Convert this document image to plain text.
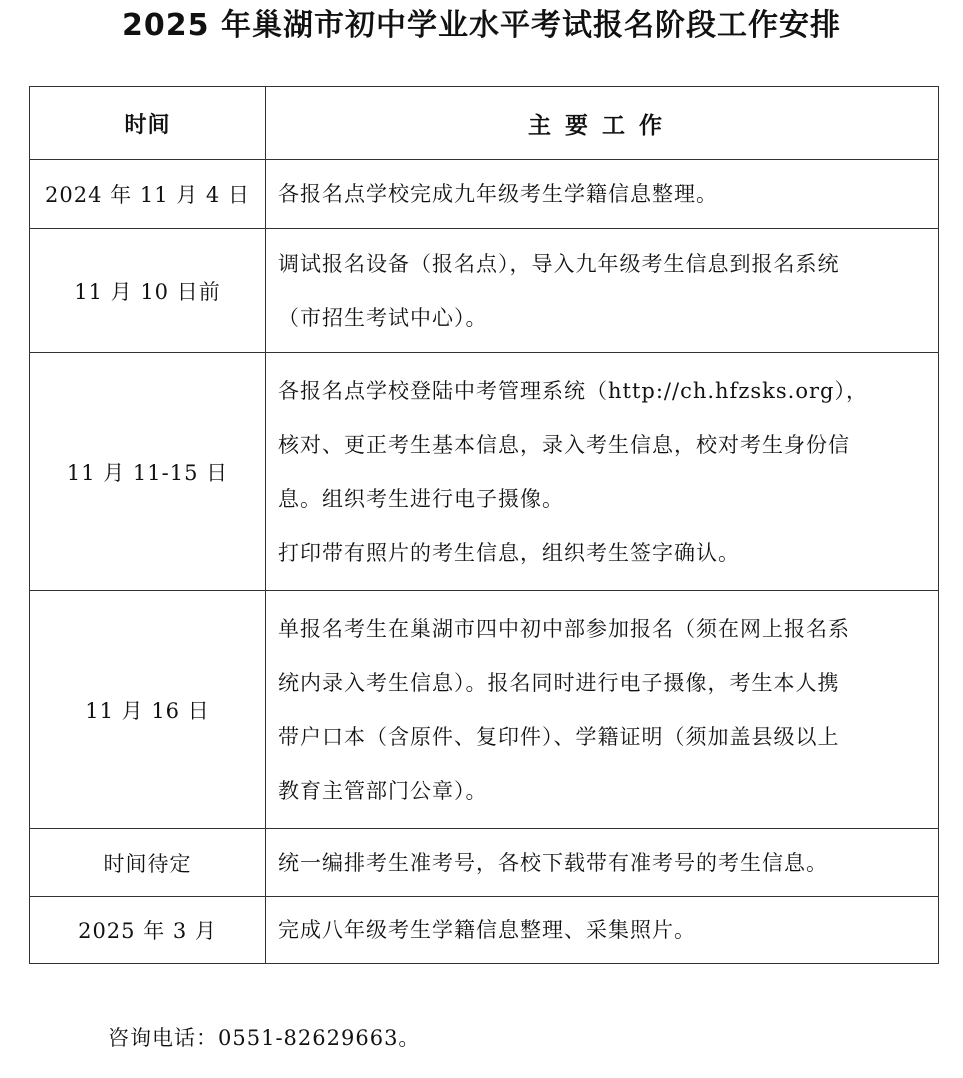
2025 年巢湖市初中学业水平考试报名阶段工作安排
时间	主要工作
2024 年 11 月 4 日	各报名点学校完成九年级考生学籍信息整理。

11 月 10 日前	调试报名设备（报名点），导入九年级考生信息到报名系统
（市招生考试中心）。

11 月 11-15 日	各报名点学校登陆中考管理系统（http://ch.hfzsks.org），
核对、更正考生基本信息，录入考生信息，校对考生身份信
息。组织考生进行电子摄像。
打印带有照片的考生信息，组织考生签字确认。

11 月 16 日	单报名考生在巢湖市四中初中部参加报名（须在网上报名系
统内录入考生信息）。报名同时进行电子摄像，考生本人携
带户口本（含原件、复印件）、学籍证明（须加盖县级以上
教育主管部门公章）。

时间待定	统一编排考生准考号，各校下载带有准考号的考生信息。

2025 年 3 月	完成八年级考生学籍信息整理、采集照片。
咨询电话：0551-82629663。
